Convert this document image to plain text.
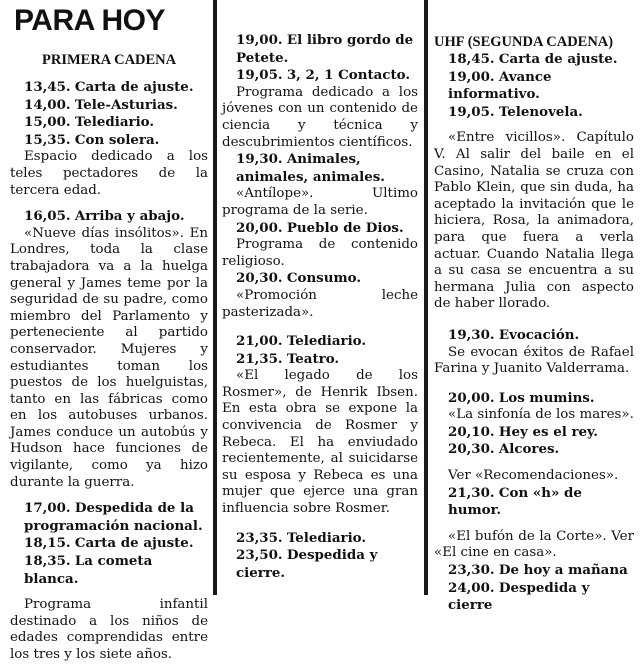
PARA HOY

PRIMERA CADENA

13,45. Carta de ajuste.

14,00. Tele-Asturias.

15,00. Telediario.

15,35. Con solera.

Espacio dedicado a los teles pectadores de la tercera edad.

16,05. Arriba y abajo.

«Nueve días insólitos». En Londres, toda la clase trabajadora va a la huelga general y James teme por la seguridad de su padre, como miembro del Parlamento y perteneciente al partido conservador. Mujeres y estudiantes toman los puestos de los huelguistas, tanto en las fábricas como en los autobuses urbanos. James conduce un autobús y Hudson hace funciones de vigilante, como ya hizo durante la guerra.

17,00. Despedida de la programación nacional.

18,15. Carta de ajuste.

18,35. La cometa blanca.

Programa infantil destinado a los niños de edades comprendidas entre los tres y los siete años.

19,00. El libro gordo de Petete.

19,05. 3, 2, 1 Contacto.

Programa dedicado a los jóvenes con un contenido de ciencia y técnica y descubrimientos científicos.

19,30. Animales, animales, animales.

«Antílope». Ultimo programa de la serie.

20,00. Pueblo de Dios.

Programa de contenido religioso.

20,30. Consumo.

«Promoción leche pasterizada».

21,00. Telediario.

21,35. Teatro.

«El legado de los Rosmer», de Henrik Ibsen. En esta obra se expone la convivencia de Rosmer y Rebeca. El ha enviudado recientemente, al suicidarse su esposa y Rebeca es una mujer que ejerce una gran influencia sobre Rosmer.

23,35. Telediario.

23,50. Despedida y cierre.

UHF (SEGUNDA CADENA)

18,45. Carta de ajuste.

19,00. Avance informativo.

19,05. Telenovela.

«Entre vicillos». Capítulo V. Al salir del baile en el Casino, Natalia se cruza con Pablo Klein, que sin duda, ha aceptado la invitación que le hiciera, Rosa, la animadora, para que fuera a verla actuar. Cuando Natalia llega a su casa se encuentra a su hermana Julia con aspecto de haber llorado.

19,30. Evocación.

Se evocan éxitos de Rafael Farina y Juanito Valderrama.

20,00. Los mumins.

«La sinfonía de los mares».

20,10. Hey es el rey.

20,30. Alcores.

Ver «Recomendaciones».

21,30. Con «h» de humor.

«El bufón de la Corte». Ver «El cine en casa».

23,30. De hoy a mañana

24,00. Despedida y cierre
